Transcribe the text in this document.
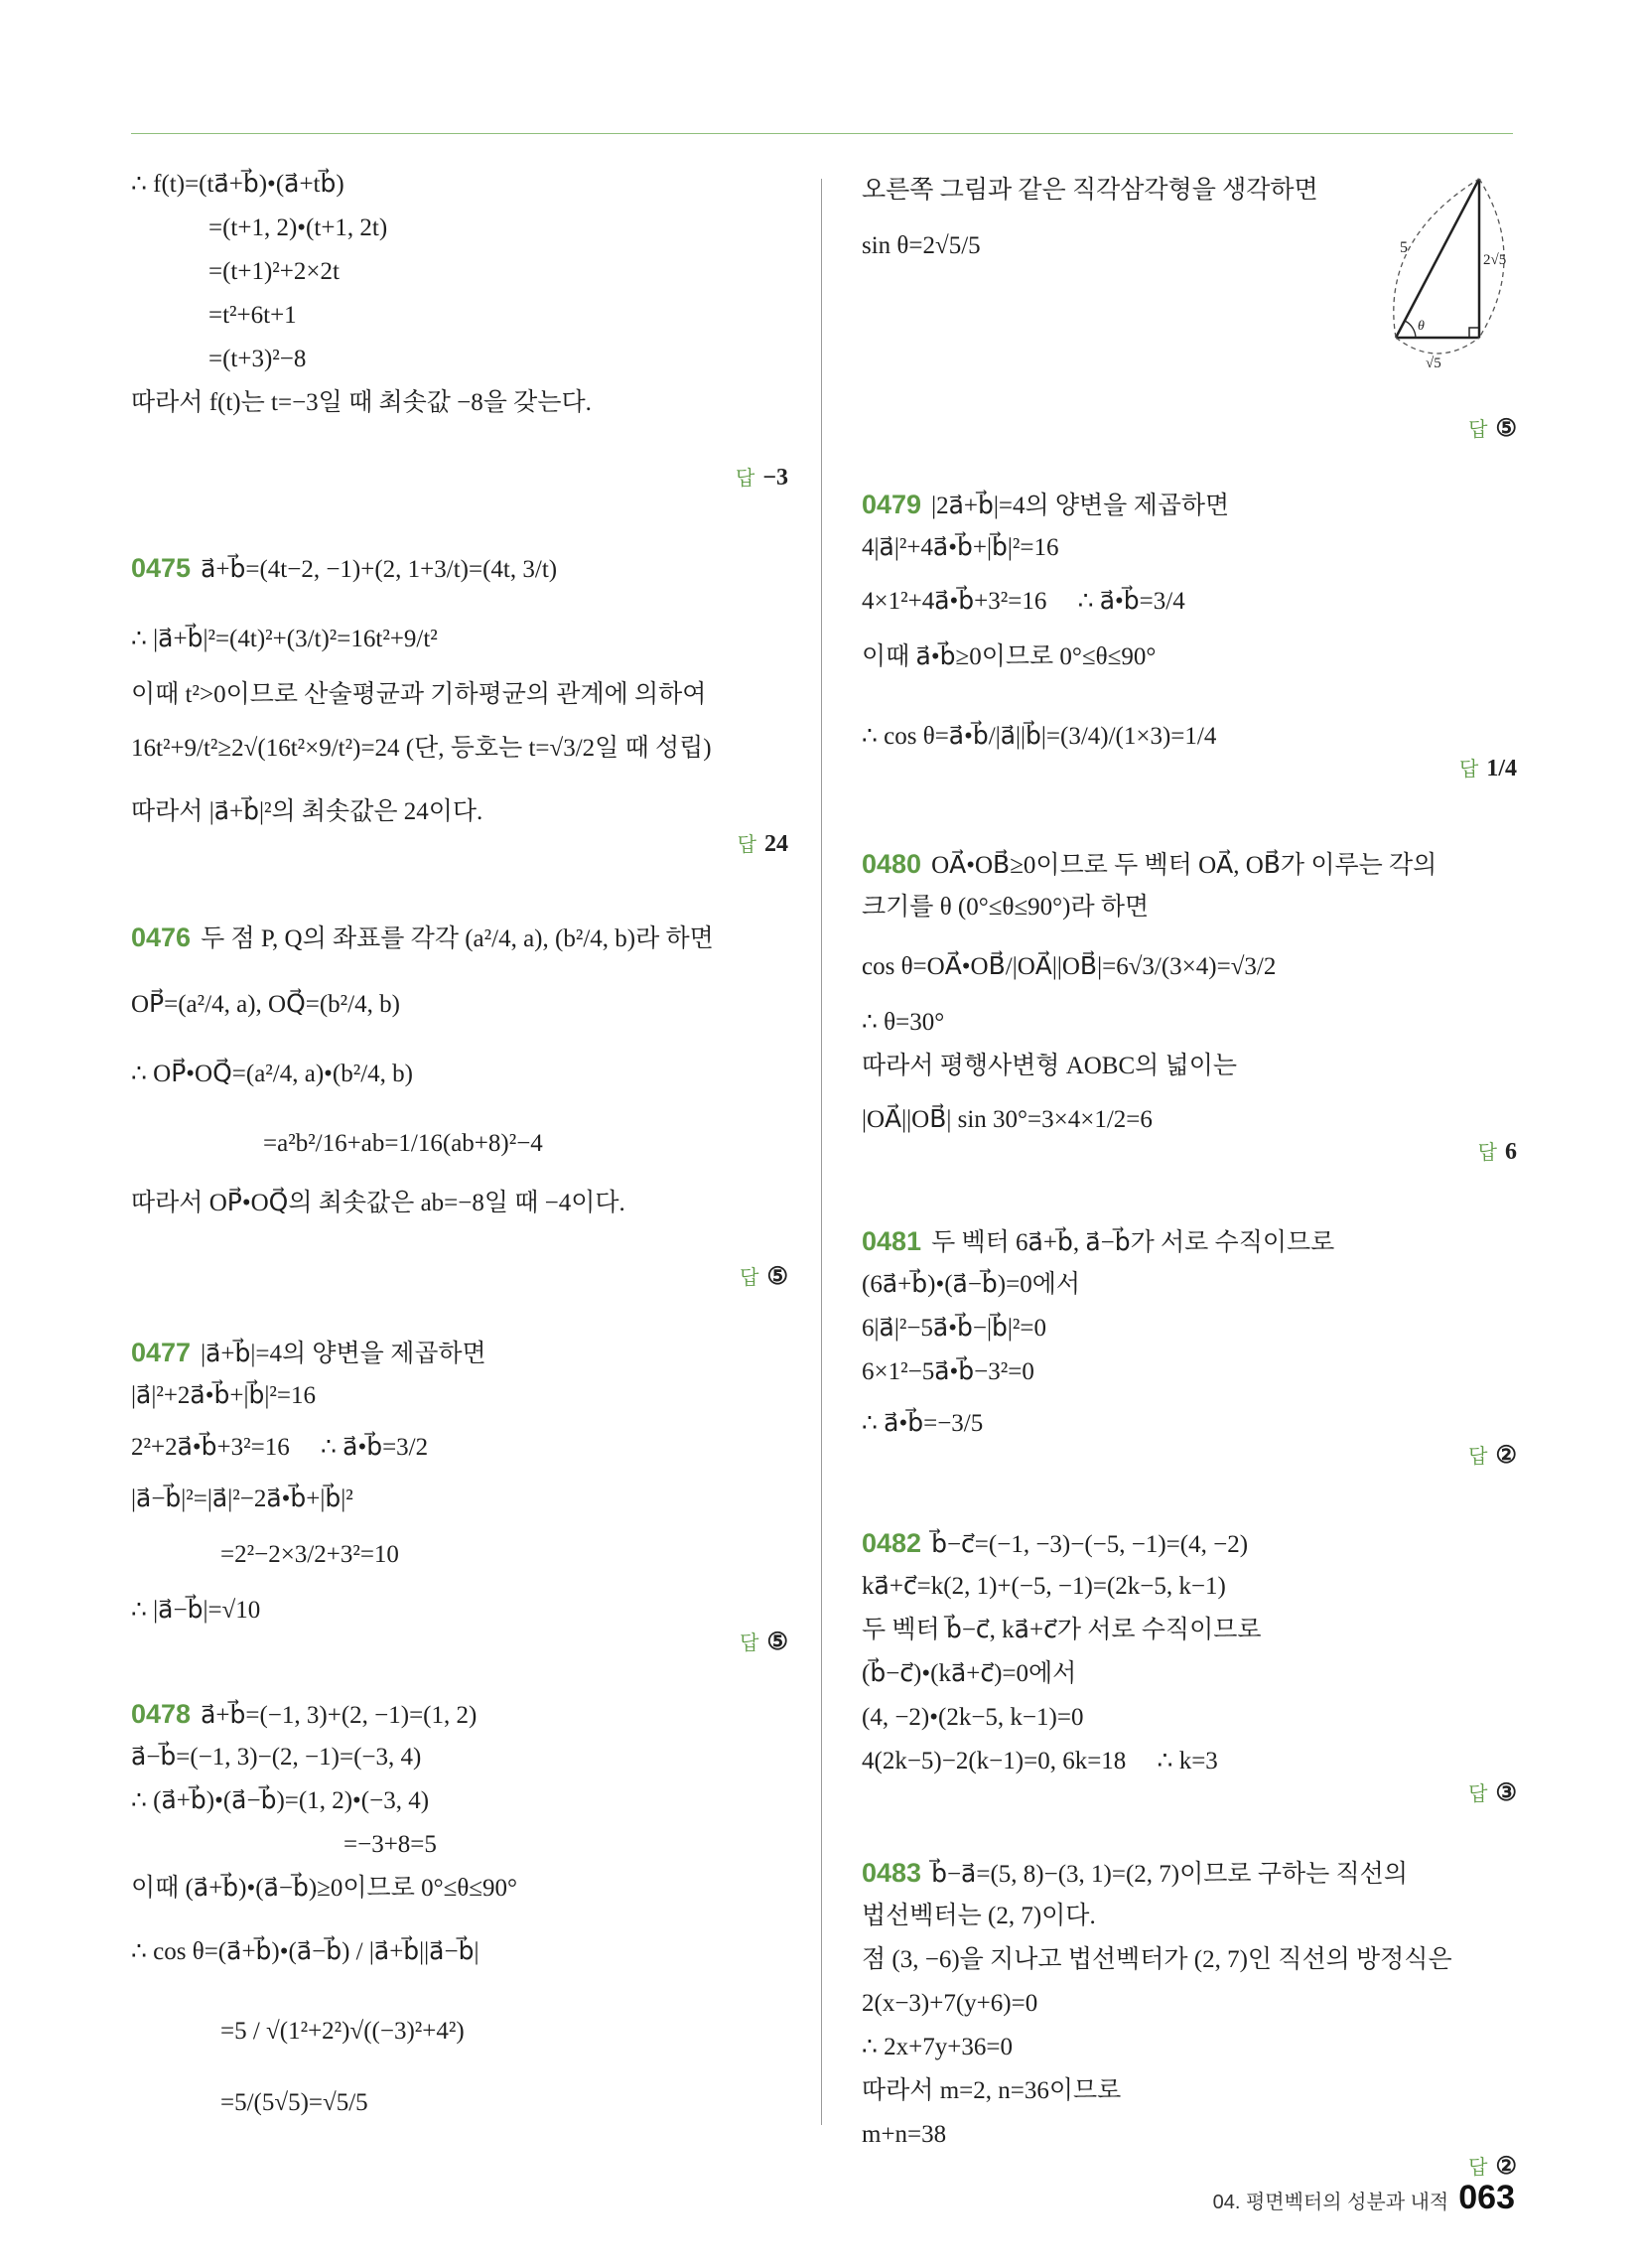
∴ f(t)=(ta⃗+b⃗)•(a⃗+tb⃗)
=(t+1, 2)•(t+1, 2t)
=(t+1)²+2×2t
=t²+6t+1
=(t+3)²−8
따라서 f(t)는 t=−3일 때 최솟값 −8을 갖는다.

답 −3

0475 a⃗+b⃗=(4t−2, −1)+(2, 1+3/t)=(4t, 3/t)
∴ |a⃗+b⃗|²=(4t)²+(3/t)²=16t²+9/t²
이때 t²>0이므로 산술평균과 기하평균의 관계에 의하여
16t²+9/t²≥2√(16t²×9/t²)=24 (단, 등호는 t=√3/2일 때 성립)
따라서 |a⃗+b⃗|²의 최솟값은 24이다.

답 24

0476 두 점 P, Q의 좌표를 각각 (a²/4, a), (b²/4, b)라 하면
OP⃗=(a²/4, a), OQ⃗=(b²/4, b)
∴ OP⃗•OQ⃗=(a²/4, a)•(b²/4, b)
=a²b²/16+ab=1/16(ab+8)²−4
따라서 OP⃗•OQ⃗의 최솟값은 ab=−8일 때 −4이다.

답 ⑤

0477 |a⃗+b⃗|=4의 양변을 제곱하면
|a⃗|²+2a⃗•b⃗+|b⃗|²=16
2²+2a⃗•b⃗+3²=16     ∴ a⃗•b⃗=3/2
|a⃗−b⃗|²=|a⃗|²−2a⃗•b⃗+|b⃗|²
=2²−2×3/2+3²=10
∴ |a⃗−b⃗|=√10

답 ⑤

0478 a⃗+b⃗=(−1, 3)+(2, −1)=(1, 2)
a⃗−b⃗=(−1, 3)−(2, −1)=(−3, 4)
∴ (a⃗+b⃗)•(a⃗−b⃗)=(1, 2)•(−3, 4)
=−3+8=5
이때 (a⃗+b⃗)•(a⃗−b⃗)≥0이므로 0°≤θ≤90°
∴ cos θ=(a⃗+b⃗)•(a⃗−b⃗) / |a⃗+b⃗||a⃗−b⃗|
=5 / √(1²+2²)√((−3)²+4²)
=5/(5√5)=√5/5
오른쪽 그림과 같은 직각삼각형을 생각하면
sin θ=2√5/5	5
2√5
√5
θ

답 ⑤

0479 |2a⃗+b⃗|=4의 양변을 제곱하면
4|a⃗|²+4a⃗•b⃗+|b⃗|²=16
4×1²+4a⃗•b⃗+3²=16     ∴ a⃗•b⃗=3/4
이때 a⃗•b⃗≥0이므로 0°≤θ≤90°
∴ cos θ=a⃗•b⃗/|a⃗||b⃗|=(3/4)/(1×3)=1/4

답 1/4

0480 OA⃗•OB⃗≥0이므로 두 벡터 OA⃗, OB⃗가 이루는 각의
크기를 θ (0°≤θ≤90°)라 하면
cos θ=OA⃗•OB⃗/|OA⃗||OB⃗|=6√3/(3×4)=√3/2
∴ θ=30°
따라서 평행사변형 AOBC의 넓이는
|OA⃗||OB⃗| sin 30°=3×4×1/2=6

답 6

0481 두 벡터 6a⃗+b⃗, a⃗−b⃗가 서로 수직이므로
(6a⃗+b⃗)•(a⃗−b⃗)=0에서
6|a⃗|²−5a⃗•b⃗−|b⃗|²=0
6×1²−5a⃗•b⃗−3²=0
∴ a⃗•b⃗=−3/5

답 ②

0482 b⃗−c⃗=(−1, −3)−(−5, −1)=(4, −2)
ka⃗+c⃗=k(2, 1)+(−5, −1)=(2k−5, k−1)
두 벡터 b⃗−c⃗, ka⃗+c⃗가 서로 수직이므로
(b⃗−c⃗)•(ka⃗+c⃗)=0에서
(4, −2)•(2k−5, k−1)=0
4(2k−5)−2(k−1)=0, 6k=18     ∴ k=3

답 ③

0483 b⃗−a⃗=(5, 8)−(3, 1)=(2, 7)이므로 구하는 직선의
법선벡터는 (2, 7)이다.
점 (3, −6)을 지나고 법선벡터가 (2, 7)인 직선의 방정식은
2(x−3)+7(y+6)=0
∴ 2x+7y+36=0
따라서 m=2, n=36이므로
m+n=38

답 ②

04. 평면벡터의 성분과 내적 063
